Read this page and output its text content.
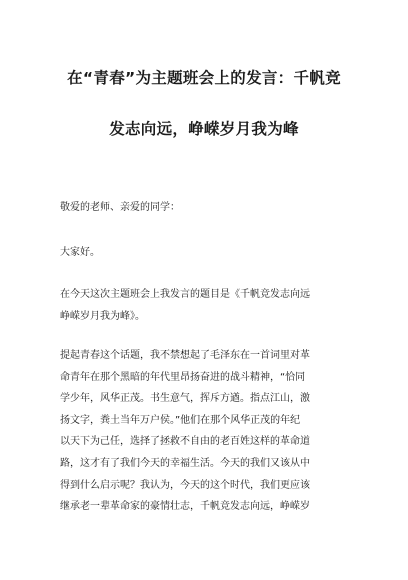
在“青春”为主题班会上的发言：千帆竞
发志向远，峥嵘岁月我为峰

敬爱的老师、亲爱的同学：

大家好。

在今天这次主题班会上我发言的题目是《千帆竞发志向远
峥嵘岁月我为峰》。
提起青春这个话题，我不禁想起了毛泽东在一首词里对革
命青年在那个黑暗的年代里昂扬奋进的战斗精神，“恰同
学少年，风华正茂。书生意气，挥斥方遒。指点江山，激
扬文字，粪土当年万户侯。”他们在那个风华正茂的年纪
以天下为己任，选择了拯救不自由的老百姓这样的革命道
路，这才有了我们今天的幸福生活。今天的我们又该从中
得到什么启示呢？我认为，今天的这个时代，我们更应该
继承老一辈革命家的豪情壮志，千帆竞发志向远，峥嵘岁
